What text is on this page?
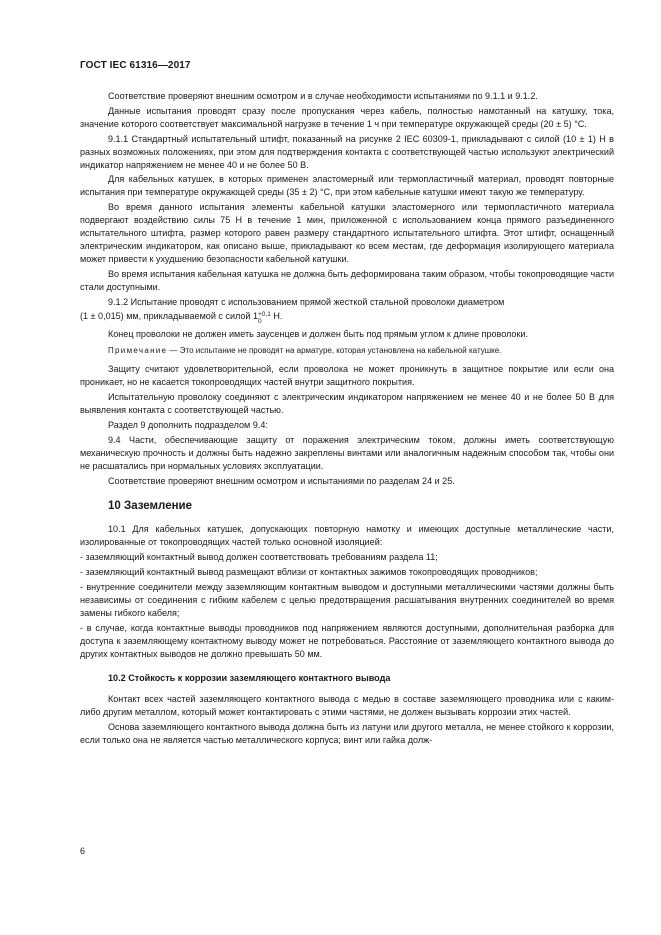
ГОСТ IEC 61316—2017

Соответствие проверяют внешним осмотром и в случае необходимости испытаниями по 9.1.1 и 9.1.2.

Данные испытания проводят сразу после пропускания через кабель, полностью намотанный на катушку, тока, значение которого соответствует максимальной нагрузке в течение 1 ч при температуре окружающей среды (20 ± 5) °С.

9.1.1 Стандартный испытательный штифт, показанный на рисунке 2 IEC 60309-1, прикладывают с силой (10 ± 1) Н в разных возможных положениях, при этом для подтверждения контакта с соответствующей частью используют электрический индикатор напряжением не менее 40 и не более 50 В.

Для кабельных катушек, в которых применен эластомерный или термопластичный материал, проводят повторные испытания при температуре окружающей среды (35 ± 2) °С, при этом кабельные катушки имеют такую же температуру.

Во время данного испытания элементы кабельной катушки эластомерного или термопластичного материала подвергают воздействию силы 75 Н в течение 1 мин, приложенной с использованием конца прямого разъединенного испытательного штифта, размер которого равен размеру стандартного испытательного штифта. Этот штифт, оснащенный электрическим индикатором, как описано выше, прикладывают ко всем местам, где деформация изолирующего материала может привести к ухудшению безопасности кабельной катушки.

Во время испытания кабельная катушка не должна быть деформирована таким образом, чтобы токопроводящие части стали доступными.

9.1.2 Испытание проводят с использованием прямой жесткой стальной проволоки диаметром

(1 ± 0,015) мм, прикладываемой с силой 1 +0,1
0
Н.

Конец проволоки не должен иметь заусенцев и должен быть под прямым углом к длине проволоки.

Примечание — Это испытание не проводят на арматуре, которая установлена на кабельной катушке.

Защиту считают удовлетворительной, если проволока не может проникнуть в защитное покрытие или если она проникает, но не касается токопроводящих частей внутри защитного покрытия.

Испытательную проволоку соединяют с электрическим индикатором напряжением не менее 40 и не более 50 В для выявления контакта с соответствующей частью.

Раздел 9 дополнить подразделом 9.4:

9.4 Части, обеспечивающие защиту от поражения электрическим током, должны иметь соответствующую механическую прочность и должны быть надежно закреплены винтами или аналогичным надежным способом так, чтобы они не расшатались при нормальных условиях эксплуатации.

Соответствие проверяют внешним осмотром и испытаниями по разделам 24 и 25.

10 Заземление

10.1 Для кабельных катушек, допускающих повторную намотку и имеющих доступные металлические части, изолированные от токопроводящих частей только основной изоляцией:

- заземляющий контактный вывод должен соответствовать требованиям раздела 11;

- заземляющий контактный вывод размещают вблизи от контактных зажимов токопроводящих проводников;

- внутренние соединители между заземляющим контактным выводом и доступными металлическими частями должны быть независимы от соединения с гибким кабелем с целью предотвращения расшатывания внутренних соединителей во время замены гибкого кабеля;

- в случае, когда контактные выводы проводников под напряжением являются доступными, дополнительная разборка для доступа к заземляющему контактному выводу может не потребоваться. Расстояние от заземляющего контактного вывода до других контактных выводов не должно превышать 50 мм.

10.2 Стойкость к коррозии заземляющего контактного вывода

Контакт всех частей заземляющего контактного вывода с медью в составе заземляющего проводника или с каким-либо другим металлом, который может контактировать с этими частями, не должен вызывать коррозии этих частей.

Основа заземляющего контактного вывода должна быть из латуни или другого металла, не менее стойкого к коррозии, если только она не является частью металлического корпуса; винт или гайка долж-

6
